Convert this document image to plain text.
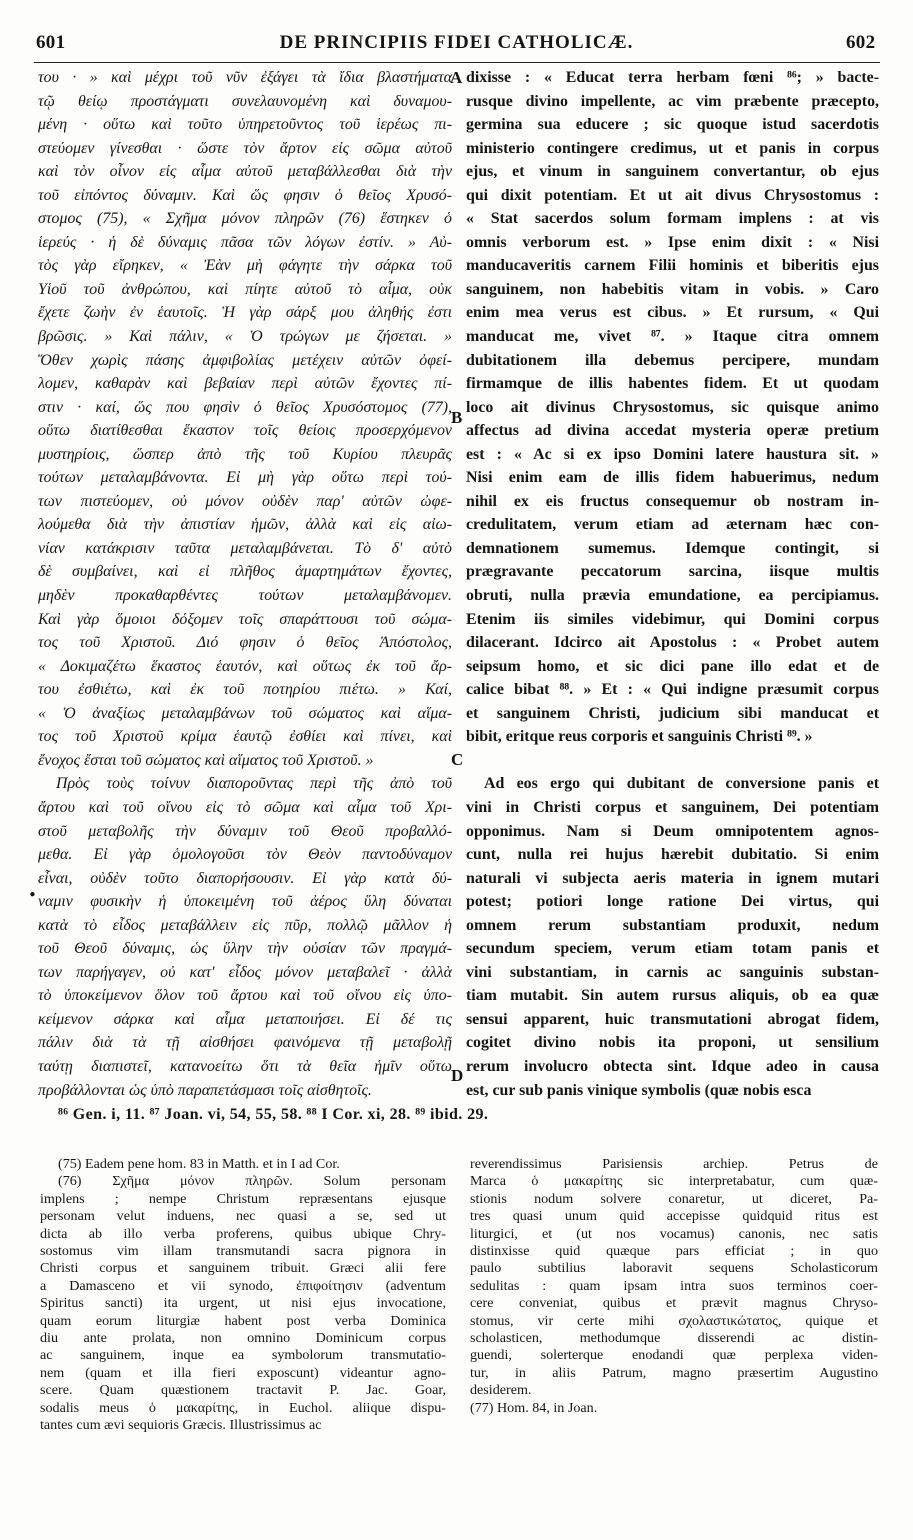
601	DE PRINCIPIIS FIDEI CATHOLICÆ.	602
του · » καὶ μέχρι τοῦ νῦν ἐξάγει τὰ ἴδια βλαστήματα
τῷ θείῳ προστάγματι συνελαυνομένη καὶ δυναμου-
μένη · οὕτω καὶ τοῦτο ὑπηρετοῦντος τοῦ ἱερέως πι-
στεύομεν γίνεσθαι · ὥστε τὸν ἄρτον εἰς σῶμα αὐτοῦ
καὶ τὸν οἶνον εἰς αἷμα αὐτοῦ μεταβάλλεσθαι διὰ τὴν
τοῦ εἰπόντος δύναμιν. Καὶ ὥς φησιν ὁ θεῖος Χρυσό-
στομος (75), « Σχῆμα μόνον πληρῶν (76) ἕστηκεν ὁ
ἱερεύς · ἡ δὲ δύναμις πᾶσα τῶν λόγων ἐστίν. » Αὐ-
τὸς γὰρ εἴρηκεν, « Ἐὰν μὴ φάγητε τὴν σάρκα τοῦ
Υἱοῦ τοῦ ἀνθρώπου, καὶ πίητε αὐτοῦ τὸ αἷμα, οὐκ
ἔχετε ζωὴν ἐν ἑαυτοῖς. Ἡ γὰρ σάρξ μου ἀληθής ἐστι
βρῶσις. » Καὶ πάλιν, « Ὁ τρώγων με ζήσεται. »
Ὅθεν χωρὶς πάσης ἀμφιβολίας μετέχειν αὐτῶν ὀφεί-
λομεν, καθαρὰν καὶ βεβαίαν περὶ αὐτῶν ἔχοντες πί-
στιν · καί, ὥς που φησὶν ὁ θεῖος Χρυσόστομος (77),
οὕτω διατίθεσθαι ἕκαστον τοῖς θείοις προσερχόμενον
μυστηρίοις, ὥσπερ ἀπὸ τῆς τοῦ Κυρίου πλευρᾶς
τούτων μεταλαμβάνοντα. Εἰ μὴ γὰρ οὕτω περὶ τού-
των πιστεύομεν, οὐ μόνον οὐδὲν παρ' αὐτῶν ὠφε-
λούμεθα διὰ τὴν ἀπιστίαν ἡμῶν, ἀλλὰ καὶ εἰς αἰω-
νίαν κατάκρισιν ταῦτα μεταλαμβάνεται. Τὸ δ' αὐτὸ
δὲ συμβαίνει, καὶ εἰ πλῆθος ἁμαρτημάτων ἔχοντες,
μηδὲν προκαθαρθέντες τούτων μεταλαμβάνομεν.
Καὶ γὰρ ὅμοιοι δόξομεν τοῖς σπαράττουσι τοῦ σώμα-
τος τοῦ Χριστοῦ. Διό φησιν ὁ θεῖος Ἀπόστολος,
« Δοκιμαζέτω ἕκαστος ἑαυτόν, καὶ οὕτως ἐκ τοῦ ἄρ-
του ἐσθιέτω, καὶ ἐκ τοῦ ποτηρίου πιέτω. » Καί,
« Ὁ ἀναξίως μεταλαμβάνων τοῦ σώματος καὶ αἵμα-
τος τοῦ Χριστοῦ κρίμα ἑαυτῷ ἐσθίει καὶ πίνει, καὶ
ἔνοχος ἔσται τοῦ σώματος καὶ αἵματος τοῦ Χριστοῦ. »
Πρὸς τοὺς τοίνυν διαποροῦντας περὶ τῆς ἀπὸ τοῦ
ἄρτου καὶ τοῦ οἴνου εἰς τὸ σῶμα καὶ αἷμα τοῦ Χρι-
στοῦ μεταβολῆς τὴν δύναμιν τοῦ Θεοῦ προβαλλό-
μεθα. Εἰ γὰρ ὁμολογοῦσι τὸν Θεὸν παντοδύναμον
εἶναι, οὐδὲν τοῦτο διαπορήσουσιν. Εἰ γὰρ κατὰ δύ-
ναμιν φυσικὴν ἡ ὑποκειμένη τοῦ ἀέρος ὕλη δύναται
κατὰ τὸ εἶδος μεταβάλλειν εἰς πῦρ, πολλῷ μᾶλλον ἡ
τοῦ Θεοῦ δύναμις, ὡς ὕλην τὴν οὐσίαν τῶν πραγμά-
των παρήγαγεν, οὐ κατ' εἶδος μόνον μεταβαλεῖ · ἀλλὰ
τὸ ὑποκείμενον ὅλον τοῦ ἄρτου καὶ τοῦ οἴνου εἰς ὑπο-
κείμενον σάρκα καὶ αἷμα μεταποιήσει. Εἰ δέ τις
πάλιν διὰ τὰ τῇ αἰσθήσει φαινόμενα τῇ μεταβολῇ
ταύτῃ διαπιστεῖ, κατανοείτω ὅτι τὰ θεῖα ἡμῖν οὕτω
προβάλλονται ὡς ὑπὸ παραπετάσμασι τοῖς αἰσθητοῖς.
dixisse : « Educat terra herbam fœni ⁸⁶; » bacte-
rusque divino impellente, ac vim præbente præcepto,
germina sua educere ; sic quoque istud sacerdotis
ministerio contingere credimus, ut et panis in corpus
ejus, et vinum in sanguinem convertantur, ob ejus
qui dixit potentiam. Et ut ait divus Chrysostomus :
« Stat sacerdos solum formam implens : at vis
omnis verborum est. » Ipse enim dixit : « Nisi
manducaveritis carnem Filii hominis et biberitis ejus
sanguinem, non habebitis vitam in vobis. » Caro
enim mea verus est cibus. » Et rursum, « Qui
manducat me, vivet ⁸⁷. » Itaque citra omnem
dubitationem illa debemus percipere, mundam
firmamque de illis habentes fidem. Et ut quodam
loco ait divinus Chrysostomus, sic quisque animo
affectus ad divina accedat mysteria operæ pretium
est : « Ac si ex ipso Domini latere haustura sit. »
Nisi enim eam de illis fidem habuerimus, nedum
nihil ex eis fructus consequemur ob nostram in-
credulitatem, verum etiam ad æternam hæc con-
demnationem sumemus. Idemque contingit, si
prægravante peccatorum sarcina, iisque multis
obruti, nulla prævia emundatione, ea percipiamus.
Etenim iis similes videbimur, qui Domini corpus
dilacerant. Idcirco ait Apostolus : « Probet autem
seipsum homo, et sic dici pane illo edat et de
calice bibat ⁸⁸. » Et : « Qui indigne præsumit corpus
et sanguinem Christi, judicium sibi manducat et
bibit, eritque reus corporis et sanguinis Christi ⁸⁹. »

Ad eos ergo qui dubitant de conversione panis et
vini in Christi corpus et sanguinem, Dei potentiam
opponimus. Nam si Deum omnipotentem agnos-
cunt, nulla rei hujus hærebit dubitatio. Si enim
naturali vi subjecta aeris materia in ignem mutari
potest; potiori longe ratione Dei virtus, qui
omnem rerum substantiam produxit, nedum
secundum speciem, verum etiam totam panis et
vini substantiam, in carnis ac sanguinis substan-
tiam mutabit. Sin autem rursus aliquis, ob ea quæ
sensui apparent, huic transmutationi abrogat fidem,
cogitet divino nobis ita proponi, ut sensilium
rerum involucro obtecta sint. Idque adeo in causa
est, cur sub panis vinique symbolis (quæ nobis esca
A
B
C
D
•
⁸⁶ Gen. i, 11. ⁸⁷ Joan. vi, 54, 55, 58. ⁸⁸ I Cor. xi, 28. ⁸⁹ ibid. 29.
(75) Eadem pene hom. 83 in Matth. et in I ad Cor.
(76) Σχῆμα μόνον πληρῶν. Solum personam
implens ; nempe Christum repræsentans ejusque
personam velut induens, nec quasi a se, sed ut
dicta ab illo verba proferens, quibus ubique Chry-
sostomus vim illam transmutandi sacra pignora in
Christi corpus et sanguinem tribuit. Græci alii fere
a Damasceno et vii synodo, ἐπιφοίτησιν (adventum
Spiritus sancti) ita urgent, ut nisi ejus invocatione,
quam eorum liturgiæ habent post verba Dominica
diu ante prolata, non omnino Dominicum corpus
ac sanguinem, inque ea symbolorum transmutatio-
nem (quam et illa fieri exposcunt) videantur agno-
scere. Quam quæstionem tractavit P. Jac. Goar,
sodalis meus ὁ μακαρίτης, in Euchol. aliique dispu-
tantes cum ævi sequioris Græcis. Illustrissimus ac
reverendissimus Parisiensis archiep. Petrus de
Marca ὁ μακαρίτης sic interpretabatur, cum quæ-
stionis nodum solvere conaretur, ut diceret, Pa-
tres quasi unum quid accepisse quidquid ritus est
liturgici, et (ut nos vocamus) canonis, nec satis
distinxisse quid quæque pars efficiat ; in quo
paulo subtilius laboravit sequens Scholasticorum
sedulitas : quam ipsam intra suos terminos coer-
cere conveniat, quibus et prævit magnus Chryso-
stomus, vir certe mihi σχολαστικώτατος, quique et
scholasticen, methodumque disserendi ac distin-
guendi, solerterque enodandi quæ perplexa viden-
tur, in aliis Patrum, magno præsertim Augustino
desiderem.
(77) Hom. 84, in Joan.
